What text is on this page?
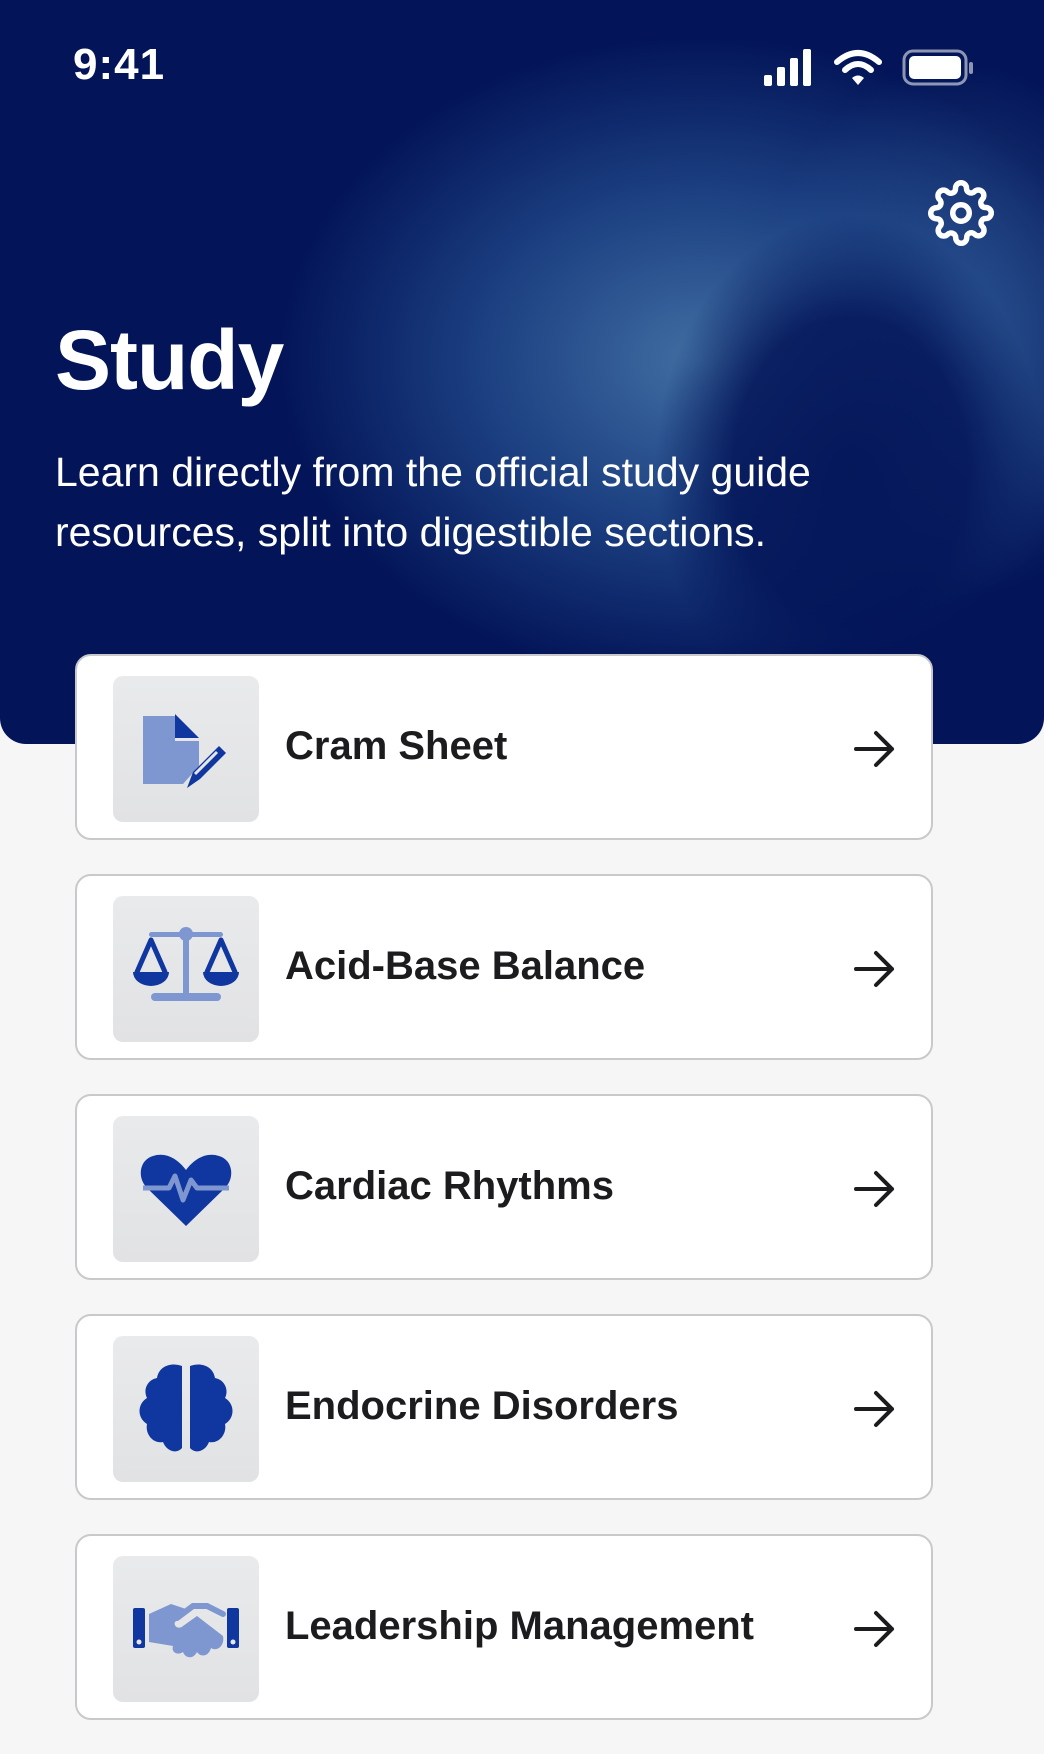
9:41
Study

Learn directly from the official study guide resources, split into digestible sections.

Cram Sheet
Acid-Base Balance
Cardiac Rhythms
Endocrine Disorders
Leadership Management
